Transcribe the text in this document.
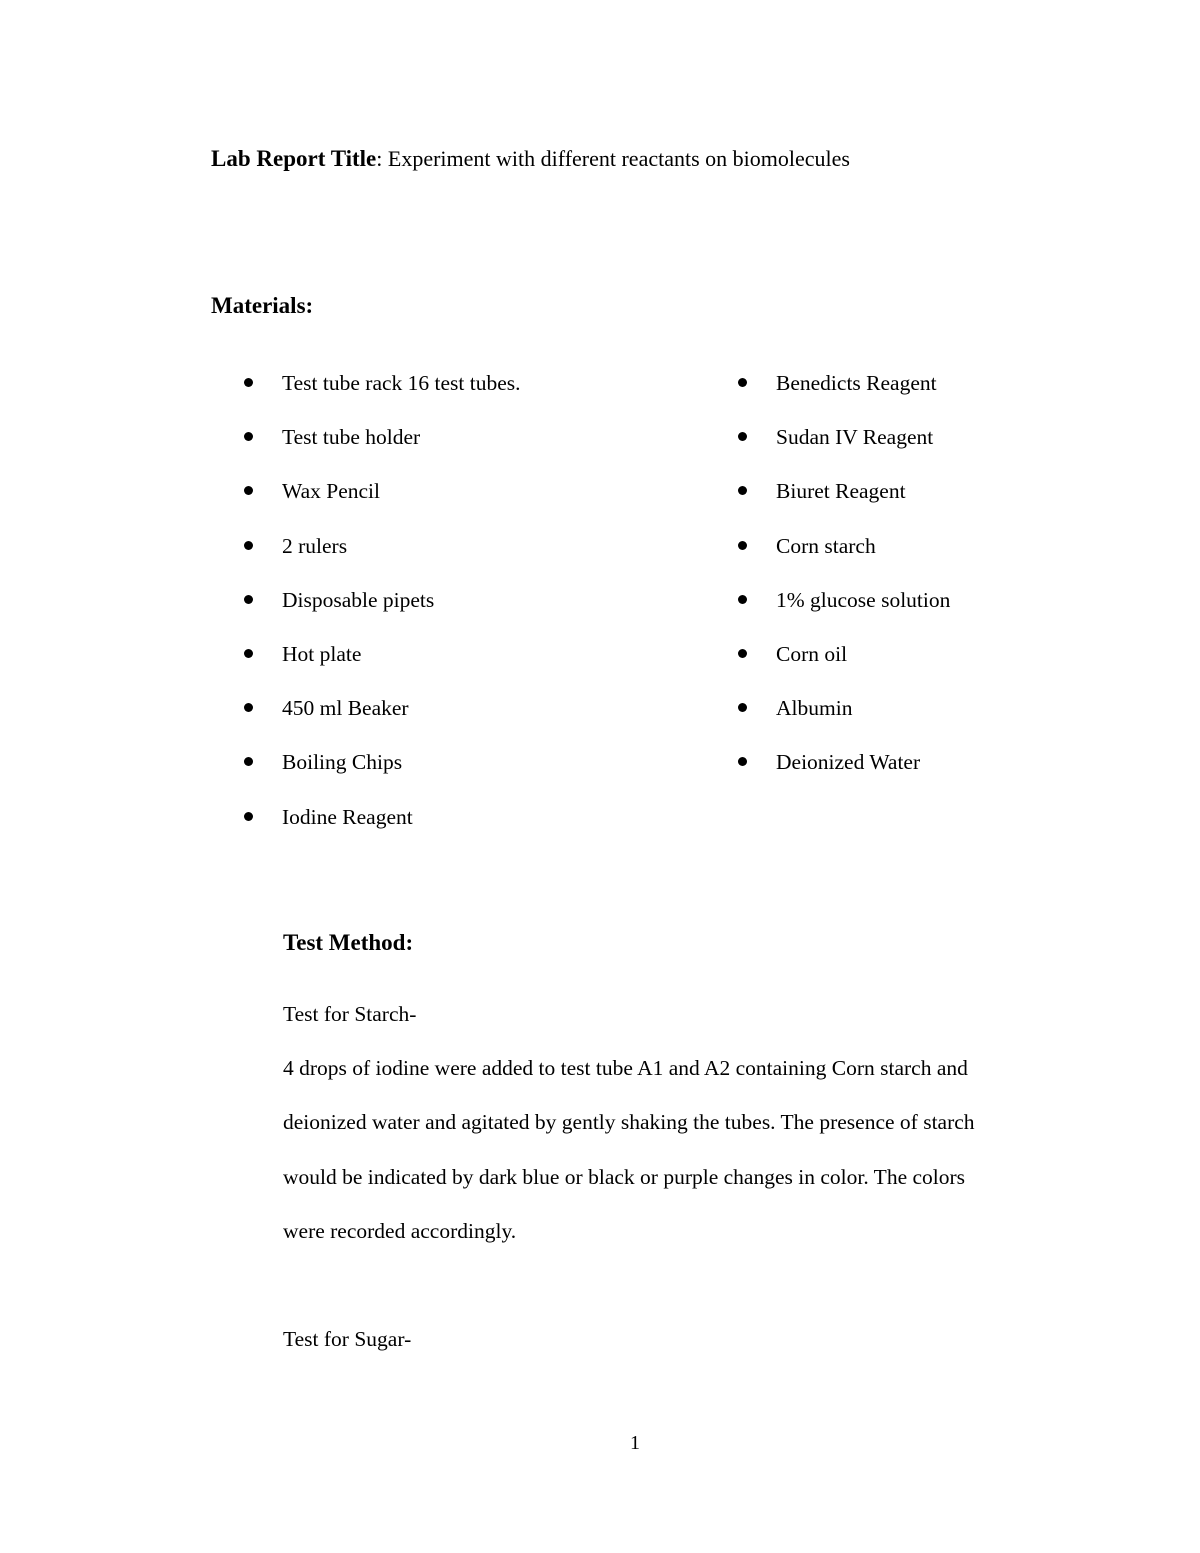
Lab Report Title: Experiment with different reactants on biomolecules
Materials:
Test tube rack 16 test tubes.
Test tube holder
Wax Pencil
2 rulers
Disposable pipets
Hot plate
450 ml Beaker
Boiling Chips
Iodine Reagent
Benedicts Reagent
Sudan IV Reagent
Biuret Reagent
Corn starch
1% glucose solution
Corn oil
Albumin
Deionized Water
Test Method:

Test for Starch-

4 drops of iodine were added to test tube A1 and A2 containing Corn starch and

deionized water and agitated by gently shaking the tubes. The presence of starch

would be indicated by dark blue or black or purple changes in color. The colors

were recorded accordingly.

Test for Sugar-

1
